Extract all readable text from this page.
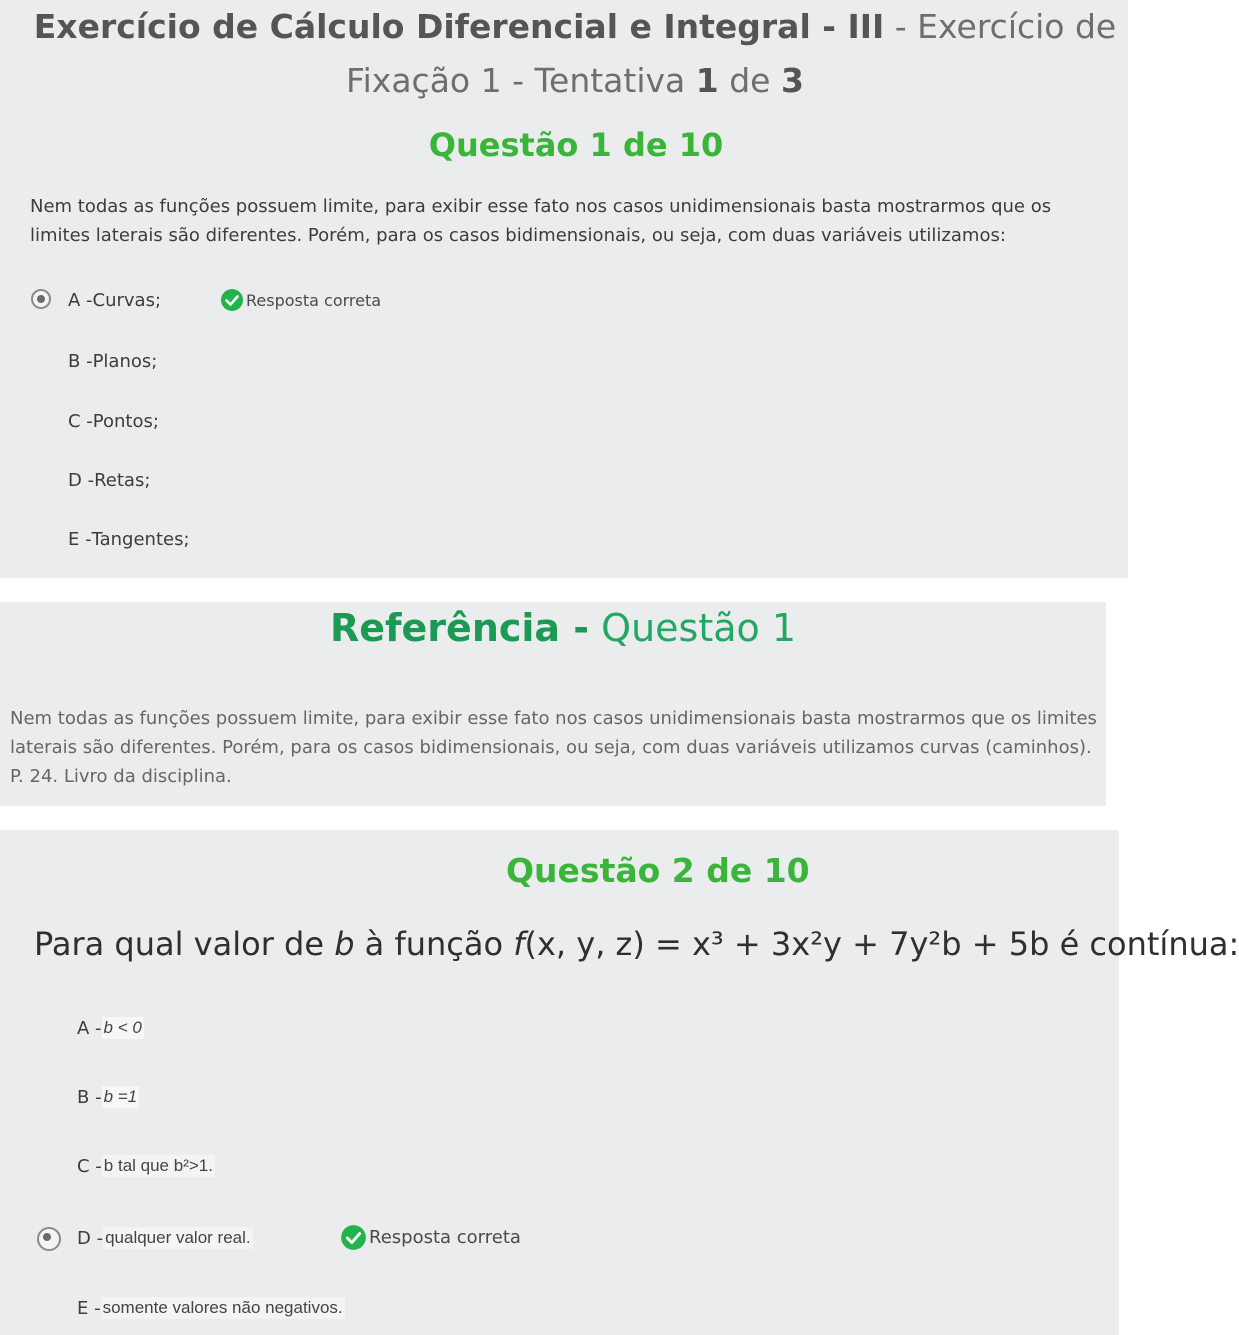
Exercício de Cálculo Diferencial e Integral - III - Exercício de
Fixação 1 - Tentativa 1 de 3
Questão 1 de 10
Nem todas as funções possuem limite, para exibir esse fato nos casos unidimensionais basta mostrarmos que os limites laterais são diferentes. Porém, para os casos bidimensionais, ou seja, com duas variáveis utilizamos:
A - Curvas;	Resposta correta
B - Planos;
C - Pontos;
D - Retas;
E - Tangentes;
Referência - Questão 1
Nem todas as funções possuem limite, para exibir esse fato nos casos unidimensionais basta mostrarmos que os limites laterais são diferentes. Porém, para os casos bidimensionais, ou seja, com duas variáveis utilizamos curvas (caminhos). P. 24. Livro da disciplina.
Questão 2 de 10
Para qual valor de b à função f(x, y, z) = x³ + 3x²y + 7y²b + 5b é contínua:
A - b < 0
B - b =1
C - b tal que b²>1.
D - qualquer valor real.	Resposta correta
E - somente valores não negativos.
